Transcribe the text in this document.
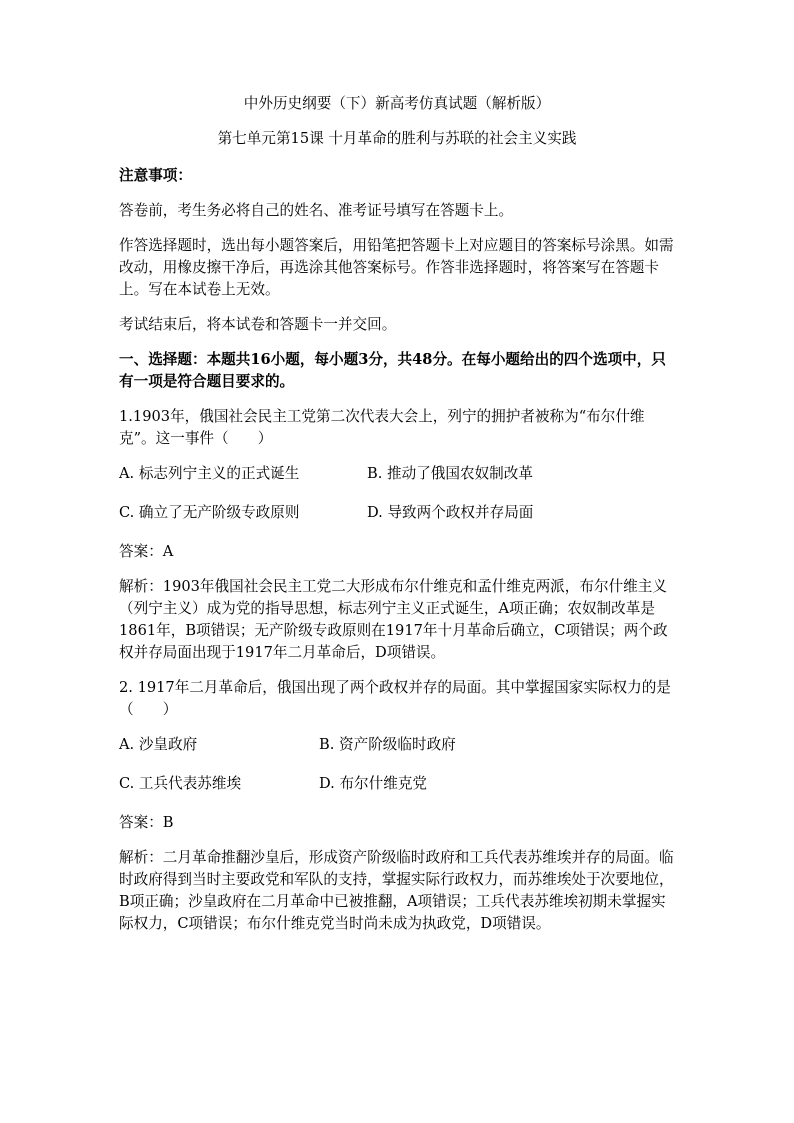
中外历史纲要（下）新高考仿真试题（解析版）
第七单元第15课 十月革命的胜利与苏联的社会主义实践
注意事项：

答卷前，考生务必将自己的姓名、准考证号填写在答题卡上。

作答选择题时，选出每小题答案后，用铅笔把答题卡上对应题目的答案标号涂黑。如需改动，用橡皮擦干净后，再选涂其他答案标号。作答非选择题时，将答案写在答题卡上。写在本试卷上无效。

考试结束后，将本试卷和答题卡一并交回。

一、选择题：本题共16小题，每小题3分，共48分。在每小题给出的四个选项中，只有一项是符合题目要求的。

1.1903年，俄国社会民主工党第二次代表大会上，列宁的拥护者被称为“布尔什维克”。这一事件（　　）

A. 标志列宁主义的正式诞生	B. 推动了俄国农奴制改革
C. 确立了无产阶级专政原则	D. 导致两个政权并存局面

答案：A

解析：1903年俄国社会民主工党二大形成布尔什维克和孟什维克两派，布尔什维主义（列宁主义）成为党的指导思想，标志列宁主义正式诞生，A项正确；农奴制改革是1861年，B项错误；无产阶级专政原则在1917年十月革命后确立，C项错误；两个政权并存局面出现于1917年二月革命后，D项错误。

2. 1917年二月革命后，俄国出现了两个政权并存的局面。其中掌握国家实际权力的是（　　）

A. 沙皇政府	B. 资产阶级临时政府
C. 工兵代表苏维埃	D. 布尔什维克党

答案：B

解析：二月革命推翻沙皇后，形成资产阶级临时政府和工兵代表苏维埃并存的局面。临时政府得到当时主要政党和军队的支持，掌握实际行政权力，而苏维埃处于次要地位，B项正确；沙皇政府在二月革命中已被推翻，A项错误；工兵代表苏维埃初期未掌握实际权力，C项错误；布尔什维克党当时尚未成为执政党，D项错误。
